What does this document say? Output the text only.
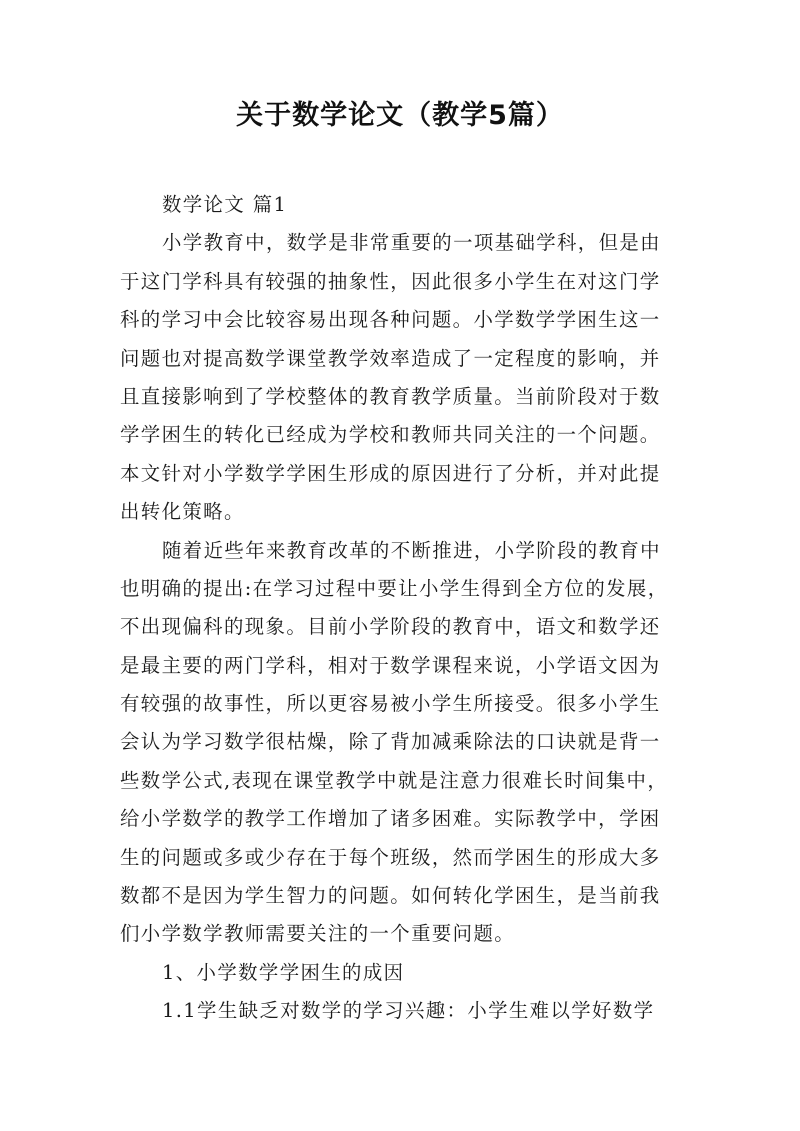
关于数学论文（教学5篇）
数学论文 篇1
小学教育中，数学是非常重要的一项基础学科，但是由
于这门学科具有较强的抽象性，因此很多小学生在对这门学
科的学习中会比较容易出现各种问题。小学数学学困生这一
问题也对提高数学课堂教学效率造成了一定程度的影响，并
且直接影响到了学校整体的教育教学质量。当前阶段对于数
学学困生的转化已经成为学校和教师共同关注的一个问题。
本文针对小学数学学困生形成的原因进行了分析，并对此提
出转化策略。
随着近些年来教育改革的不断推进，小学阶段的教育中
也明确的提出:在学习过程中要让小学生得到全方位的发展，
不出现偏科的现象。目前小学阶段的教育中，语文和数学还
是最主要的两门学科，相对于数学课程来说，小学语文因为
有较强的故事性，所以更容易被小学生所接受。很多小学生
会认为学习数学很枯燥，除了背加减乘除法的口诀就是背一
些数学公式,表现在课堂教学中就是注意力很难长时间集中，
给小学数学的教学工作增加了诸多困难。实际教学中，学困
生的问题或多或少存在于每个班级，然而学困生的形成大多
数都不是因为学生智力的问题。如何转化学困生，是当前我
们小学数学教师需要关注的一个重要问题。
1、小学数学学困生的成因
1.1学生缺乏对数学的学习兴趣：小学生难以学好数学
